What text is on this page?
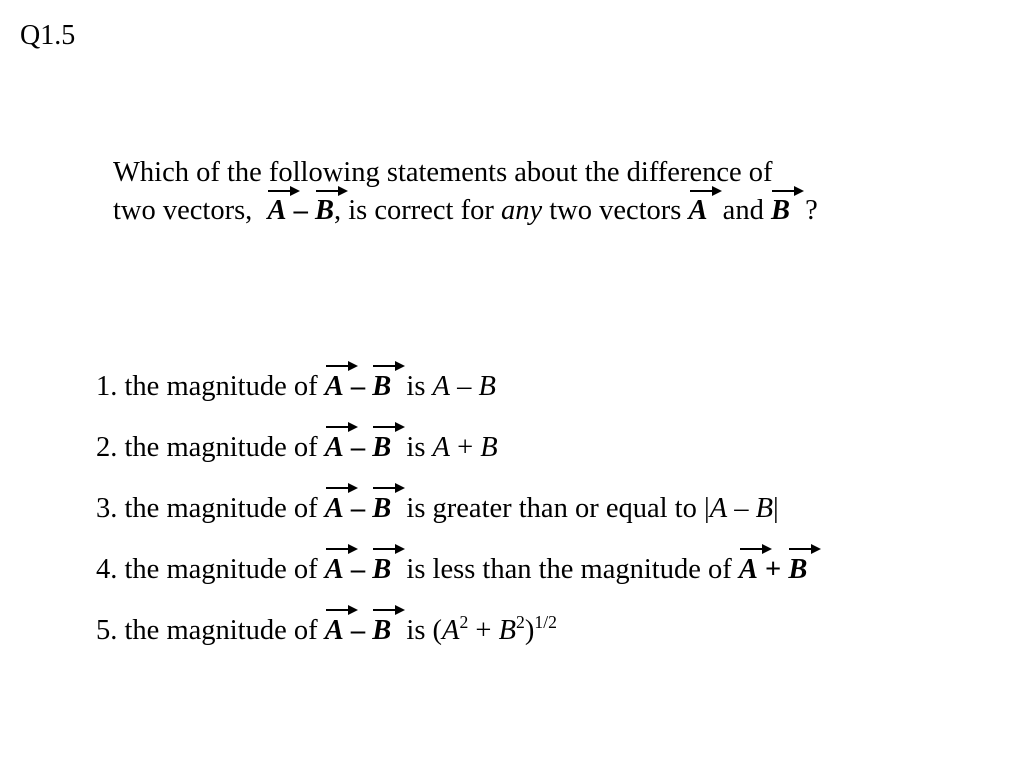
Q1.5
Which of the following statements about the difference of
two vectors, A – B, is correct for any two vectors A and B ?
1. the magnitude of A – B is A – B
2. the magnitude of A – B is A + B
3. the magnitude of A – B is greater than or equal to |A – B|
4. the magnitude of A – B is less than the magnitude of A + B
5. the magnitude of A – B is $(A^2 + B^2)^{1/2}$
